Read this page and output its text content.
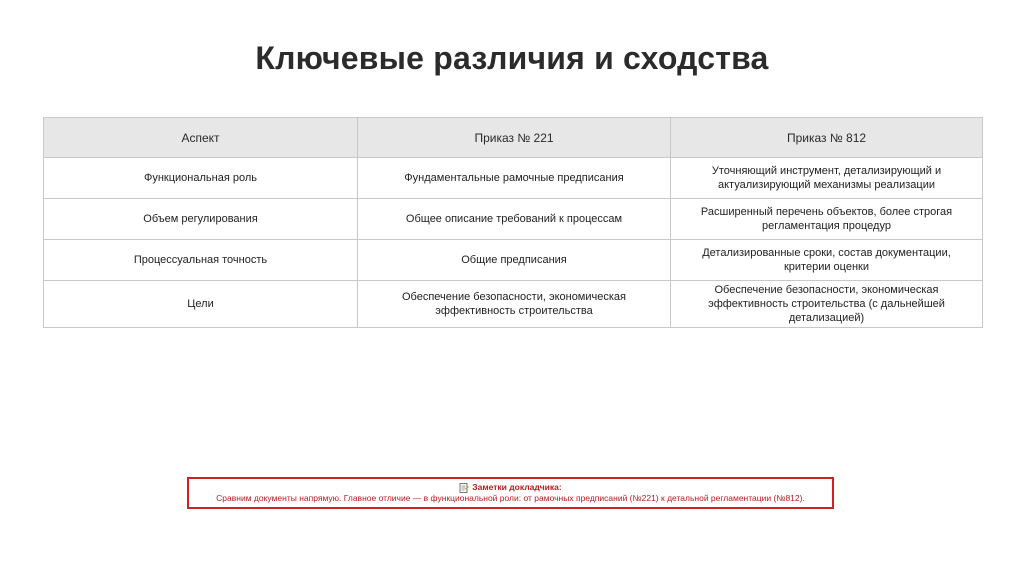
Ключевые различия и сходства
Аспект	Приказ № 221	Приказ № 812
Функциональная роль	Фундаментальные рамочные предписания	Уточняющий инструмент, детализирующий и актуализирующий механизмы реализации
Объем регулирования	Общее описание требований к процессам	Расширенный перечень объектов, более строгая регламентация процедур
Процессуальная точность	Общие предписания	Детализированные сроки, состав документации, критерии оценки
Цели	Обеспечение безопасности, экономическая эффективность строительства	Обеспечение безопасности, экономическая эффективность строительства (с дальнейшей детализацией)
Заметки докладчика:
Сравним документы напрямую. Главное отличие — в функциональной роли: от рамочных предписаний (№221) к детальной регламентации (№812).
